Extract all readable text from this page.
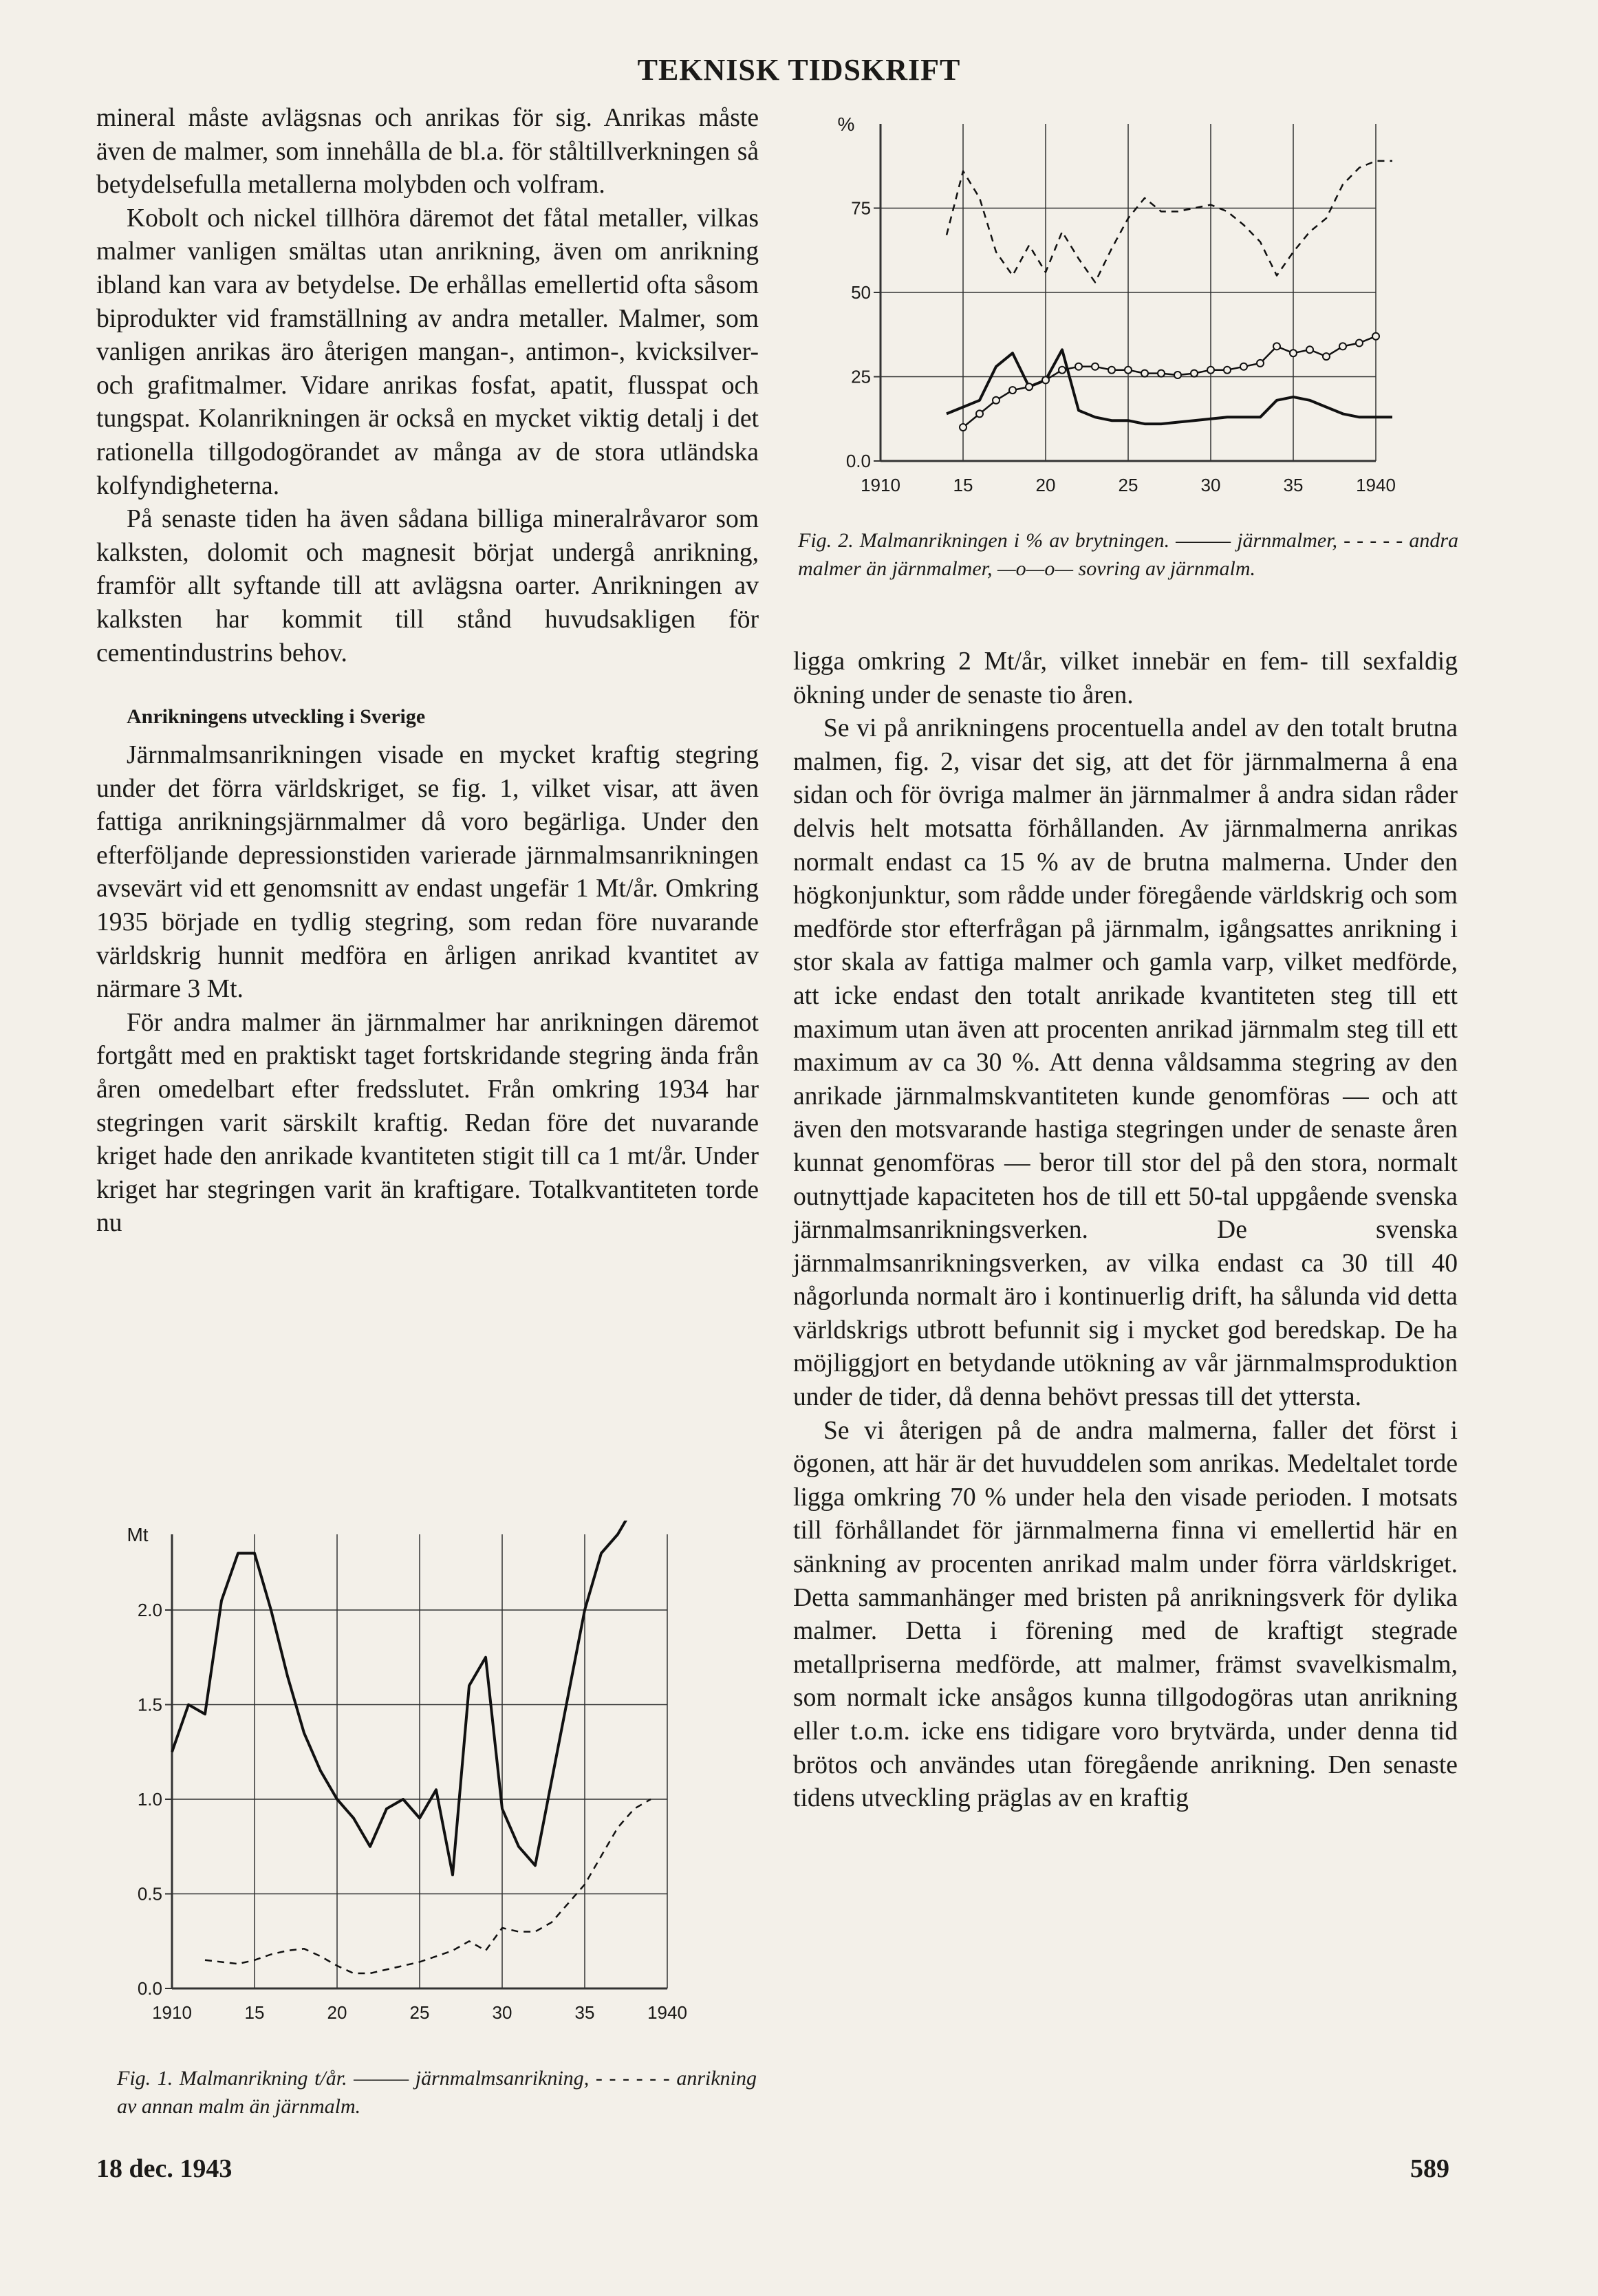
TEKNISK TIDSKRIFT

mineral måste avlägsnas och anrikas för sig. Anrikas måste även de malmer, som innehålla de bl.a. för ståltillverkningen så betydelsefulla metallerna molybden och volfram.

Kobolt och nickel tillhöra däremot det fåtal metaller, vilkas malmer vanligen smältas utan anrikning, även om anrikning ibland kan vara av betydelse. De erhållas emellertid ofta såsom biprodukter vid framställning av andra metaller. Malmer, som vanligen anrikas äro återigen mangan-, antimon-, kvicksilver- och grafitmalmer. Vidare anrikas fosfat, apatit, flusspat och tungspat. Kolanrikningen är också en mycket viktig detalj i det rationella tillgodogörandet av många av de stora utländska kolfyndigheterna.

På senaste tiden ha även sådana billiga mineralråvaror som kalksten, dolomit och magnesit börjat undergå anrikning, framför allt syftande till att avlägsna oarter. Anrikningen av kalksten har kommit till stånd huvudsakligen för cementindustrins behov.

Anrikningens utveckling i Sverige

Järnmalmsanrikningen visade en mycket kraftig stegring under det förra världskriget, se fig. 1, vilket visar, att även fattiga anrikningsjärnmalmer då voro begärliga. Under den efterföljande depressionstiden varierade järnmalmsanrikningen avsevärt vid ett genomsnitt av endast ungefär 1 Mt/år. Omkring 1935 började en tydlig stegring, som redan före nuvarande världskrig hunnit medföra en årligen anrikad kvantitet av närmare 3 Mt.

För andra malmer än järnmalmer har anrikningen däremot fortgått med en praktiskt taget fortskridande stegring ända från åren omedelbart efter fredsslutet. Från omkring 1934 har stegringen varit särskilt kraftig. Redan före det nuvarande kriget hade den anrikade kvantiteten stigit till ca 1 mt/år. Under kriget har stegringen varit än kraftigare. Totalkvantiteten torde nu

0.0
25
50
75
1910	15	20	25	30	35	1940
%
Fig. 2. Malmanrikningen i % av brytningen. ——— järnmalmer, - - - - - andra malmer än järnmalmer, —o—o— sovring av järnmalm.

ligga omkring 2 Mt/år, vilket innebär en fem- till sexfaldig ökning under de senaste tio åren.

Se vi på anrikningens procentuella andel av den totalt brutna malmen, fig. 2, visar det sig, att det för järnmalmerna å ena sidan och för övriga malmer än järnmalmer å andra sidan råder delvis helt motsatta förhållanden. Av järnmalmerna anrikas normalt endast ca 15 % av de brutna malmerna. Under den högkonjunktur, som rådde under föregående världskrig och som medförde stor efterfrågan på järnmalm, igångsattes anrikning i stor skala av fattiga malmer och gamla varp, vilket medförde, att icke endast den totalt anrikade kvantiteten steg till ett maximum utan även att procenten anrikad järnmalm steg till ett maximum av ca 30 %. Att denna våldsamma stegring av den anrikade järnmalmskvantiteten kunde genomföras — och att även den motsvarande hastiga stegringen under de senaste åren kunnat genomföras — beror till stor del på den stora, normalt outnyttjade kapaciteten hos de till ett 50-tal uppgående svenska järnmalmsanrikningsverken. De svenska järnmalmsanrikningsverken, av vilka endast ca 30 till 40 någorlunda normalt äro i kontinuerlig drift, ha sålunda vid detta världskrigs utbrott befunnit sig i mycket god beredskap. De ha möjliggjort en betydande utökning av vår järnmalmsproduktion under de tider, då denna behövt pressas till det yttersta.

Se vi återigen på de andra malmerna, faller det först i ögonen, att här är det huvuddelen som anrikas. Medeltalet torde ligga omkring 70 % under hela den visade perioden. I motsats till förhållandet för järnmalmerna finna vi emellertid här en sänkning av procenten anrikad malm under förra världskriget. Detta sammanhänger med bristen på anrikningsverk för dylika malmer. Detta i förening med de kraftigt stegrade metallpriserna medförde, att malmer, främst svavelkismalm, som normalt icke ansågos kunna tillgodogöras utan anrikning eller t.o.m. icke ens tidigare voro brytvärda, under denna tid brötos och användes utan föregående anrikning. Den senaste tidens utveckling präglas av en kraftig

0.0
0.5
1.0
1.5
2.0
1910	15	20	25	30	35	1940
Mt
Fig. 1. Malmanrikning t/år. ——— järnmalmsanrikning, - - - - - - anrikning av annan malm än järnmalm.
18 dec. 1943	589
